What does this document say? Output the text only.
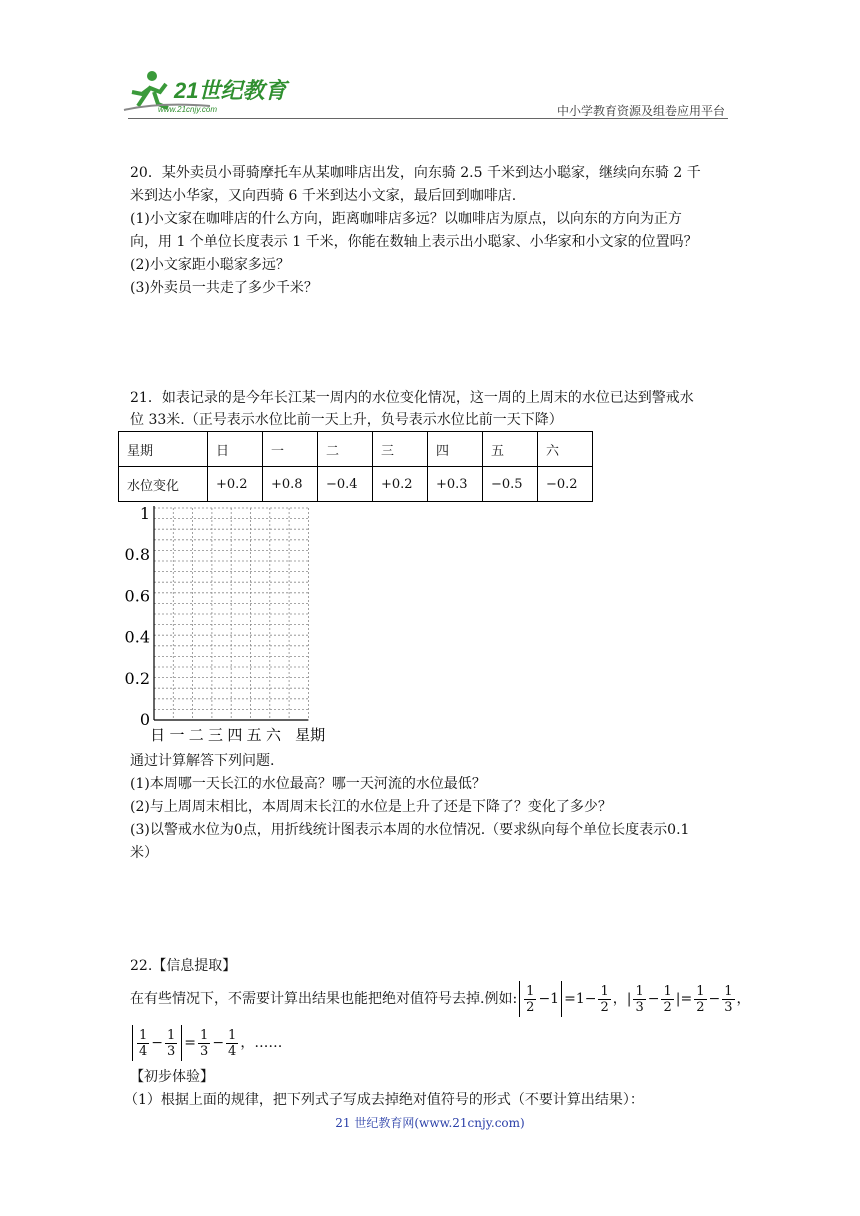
21世纪教育
www.21cnjy.com	中小学教育资源及组卷应用平台
20．某外卖员小哥骑摩托车从某咖啡店出发，向东骑 2.5 千米到达小聪家，继续向东骑 2 千
米到达小华家，又向西骑 6 千米到达小文家，最后回到咖啡店.
(1)小文家在咖啡店的什么方向，距离咖啡店多远？以咖啡店为原点，以向东的方向为正方
向，用 1 个单位长度表示 1 千米，你能在数轴上表示出小聪家、小华家和小文家的位置吗？
(2)小文家距小聪家多远？
(3)外卖员一共走了多少千米？
21．如表记录的是今年长江某一周内的水位变化情况，这一周的上周末的水位已达到警戒水
位 33米.（正号表示水位比前一天上升，负号表示水位比前一天下降）
星期	日	一	二	三	四	五	六
水位变化	+0.2	+0.8	−0.4	+0.2	+0.3	−0.5	−0.2
0
0.2
0.4
0.6
0.8
1
日 一 二 三 四 五 六 星期
通过计算解答下列问题.
(1)本周哪一天长江的水位最高？哪一天河流的水位最低？
(2)与上周周末相比，本周周末长江的水位是上升了还是下降了？变化了多少？
(3)以警戒水位为0点，用折线统计图表示本周的水位情况.（要求纵向每个单位长度表示0.1
米）
22.【信息提取】
在有些情况下，不需要计算出结果也能把绝对值符号去掉.例如: $\frac{1}{2} -1 =1- \frac{1}{2}$ ，| $\frac{1}{3} - \frac{1}{2}$ |= $\frac{1}{2} - \frac{1}{3}$ ，
$\frac{1}{4} - \frac{1}{3} = \frac{1}{3} - \frac{1}{4}$ ，……
【初步体验】
（1）根据上面的规律，把下列式子写成去掉绝对值符号的形式（不要计算出结果）：
21 世纪教育网(www.21cnjy.com)
